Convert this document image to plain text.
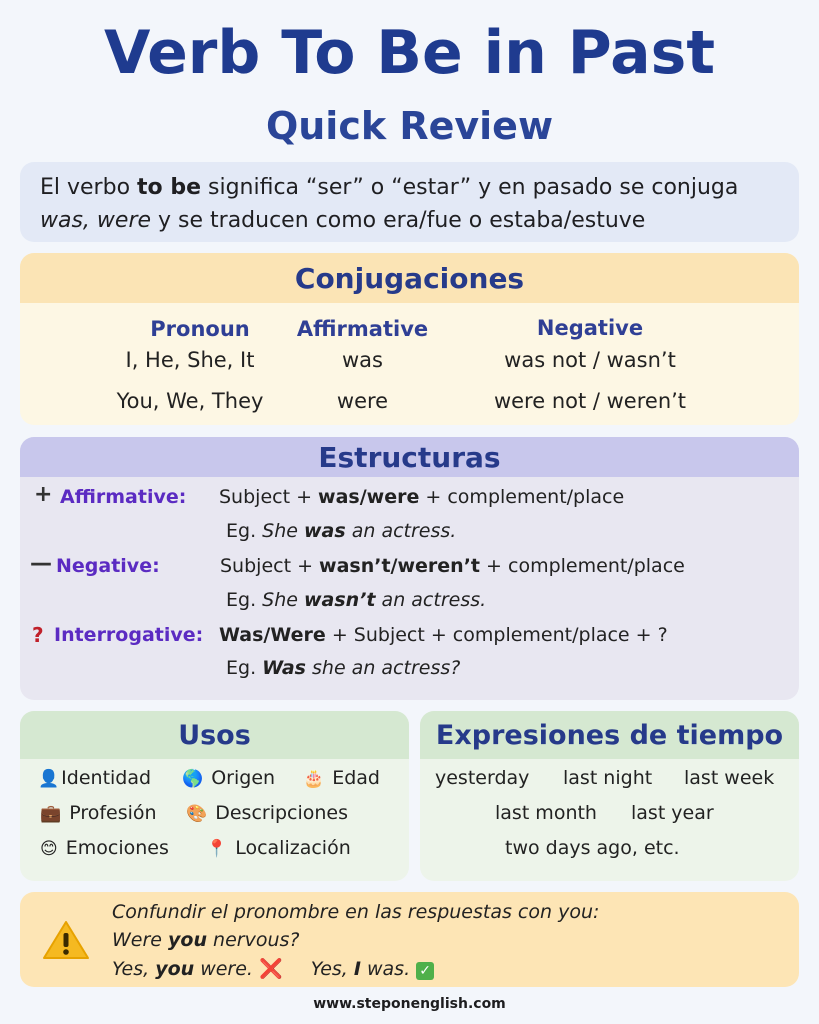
Verb To Be in Past
Quick Review
El verbo to be significa “ser” o “estar” y en pasado se conjuga
was, were y se traducen como era/fue o estaba/estuve
Conjugaciones
Pronoun	Affirmative	Negative
I, He, She, It	was	was not / wasn’t
You, We, They	were	were not / weren’t
Estructuras
+ Affirmative: Subject + was/were + complement/place
Eg. She was an actress.
— Negative:	Subject + wasn’t/weren’t + complement/place
Eg. She wasn’t an actress.
? Interrogative: Was/Were + Subject + complement/place + ?
Eg. Was she an actress?
Usos
👤 Identidad 🌎 Origen 🎂 Edad
💼 Profesión 🎨 Descripciones
😊 Emociones 📍 Localización
Expresiones de tiempo
yesterday last night last week
last month last year
two days ago, etc.
Confundir el pronombre en las respuestas con you:
Were you nervous?
Yes, you were. ❌ Yes, I was. ✓
www.steponenglish.com
